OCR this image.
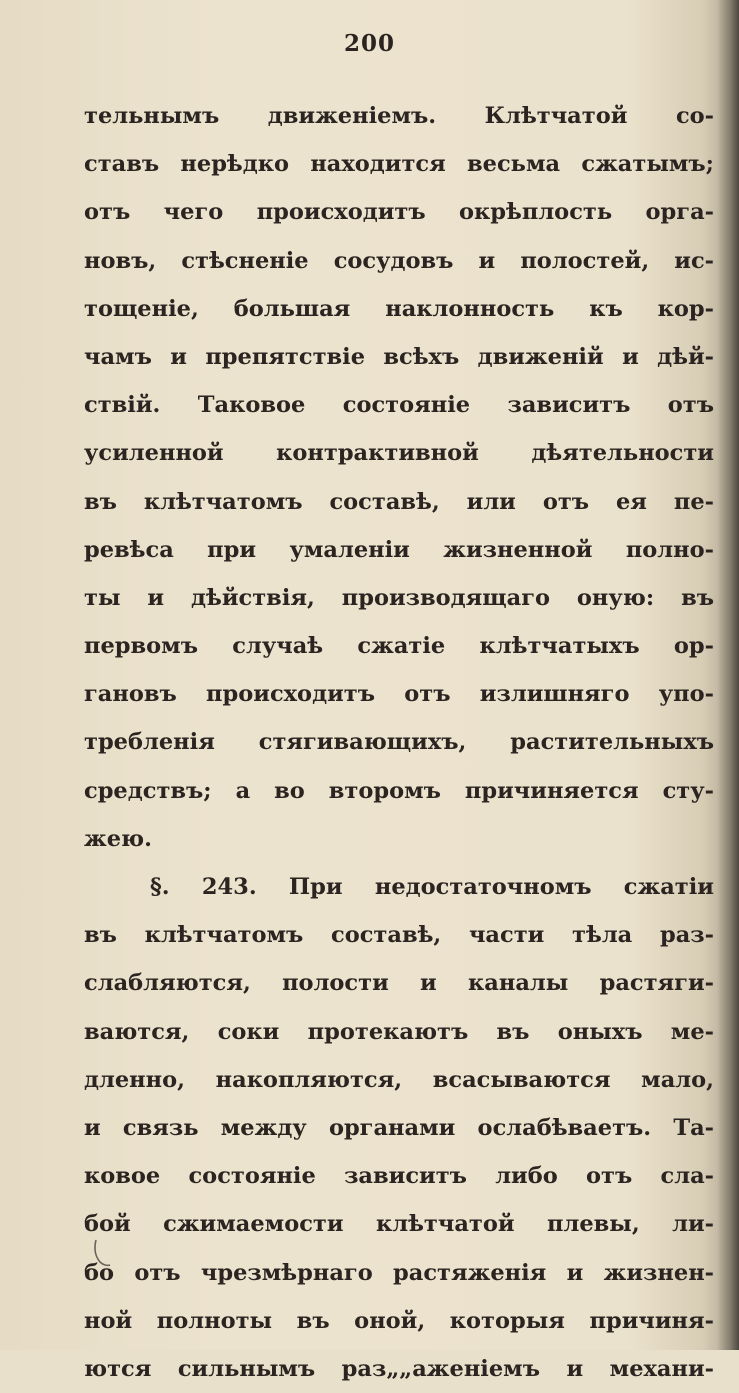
200
тельнымъ движеніемъ. Клѣтчатой со-
ставъ нерѣдко находится весьма сжатымъ;
отъ чего происходитъ окрѣплость орга-
новъ, стѣсненіе сосудовъ и полостей, ис-
тощеніе, большая наклонность къ кор-
чамъ и препятствіе всѣхъ движеній и дѣй-
ствій. Таковое состояніе зависитъ отъ
усиленной контрактивной дѣятельности
въ клѣтчатомъ составѣ, или отъ ея пе-
ревѣса при умаленіи жизненной полно-
ты и дѣйствія, производящаго оную: въ
первомъ случаѣ сжатіе клѣтчатыхъ ор-
гановъ происходитъ отъ излишняго упо-
требленія стягивающихъ, растительныхъ
средствъ; а во второмъ причиняется сту-
жею.
§. 243. При недостаточномъ сжатіи
въ клѣтчатомъ составѣ, части тѣла раз-
слабляются, полости и каналы растяги-
ваются, соки протекаютъ въ оныхъ ме-
дленно, накопляются, всасываются мало,
и связь между органами ослабѣваетъ. Та-
ковое состояніе зависитъ либо отъ сла-
бой сжимаемости клѣтчатой плевы, ли-
бо отъ чрезмѣрнаго растяженія и жизнен-
ной полноты въ оной, которыя причиня-
ются сильнымъ раз„„аженіемъ и механи-
